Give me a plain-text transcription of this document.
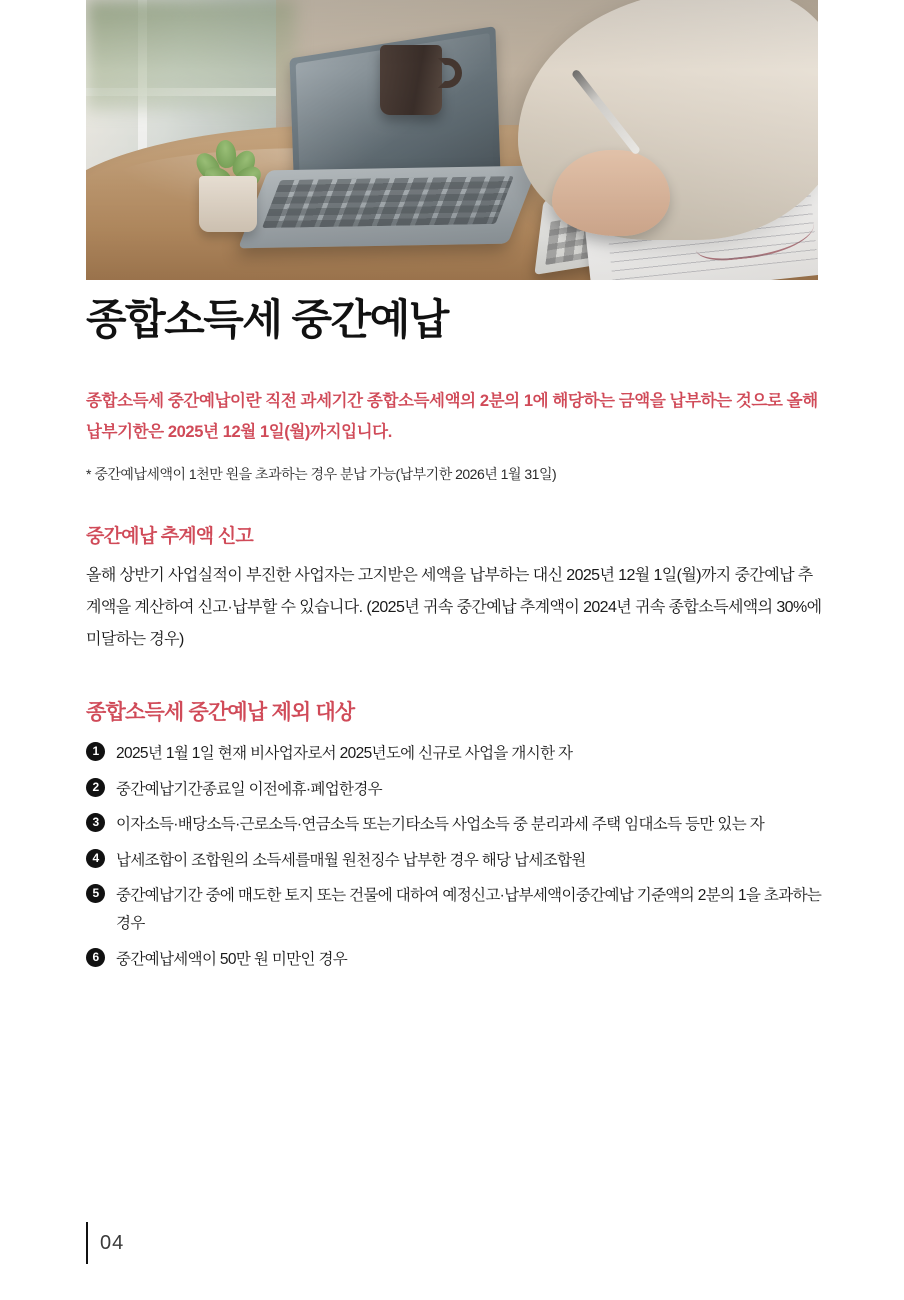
종합소득세 중간예납

종합소득세 중간예납이란 직전 과세기간 종합소득세액의 2분의 1에 해당하는 금액을 납부하는 것으로 올해 납부기한은 2025년 12월 1일(월)까지입니다.

* 중간예납세액이 1천만 원을 초과하는 경우 분납 가능(납부기한 2026년 1월 31일)

중간예납 추계액 신고

올해 상반기 사업실적이 부진한 사업자는 고지받은 세액을 납부하는 대신 2025년 12월 1일(월)까지 중간예납 추계액을 계산하여 신고·납부할 수 있습니다. (2025년 귀속 중간예납 추계액이 2024년 귀속 종합소득세액의 30%에 미달하는 경우)

종합소득세 중간예납 제외 대상
1	2025년 1월 1일 현재 비사업자로서 2025년도에 신규로 사업을 개시한 자
2	중간예납기간종료일 이전에휴·폐업한경우
3	이자소득·배당소득·근로소득·연금소득 또는기타소득 사업소득 중 분리과세 주택 임대소득 등만 있는 자
4	납세조합이 조합원의 소득세를매월 원천징수 납부한 경우 해당 납세조합원
5	중간예납기간 중에 매도한 토지 또는 건물에 대하여 예정신고·납부세액이중간예납 기준액의 2분의 1을 초과하는 경우
6	중간예납세액이 50만 원 미만인 경우
04
